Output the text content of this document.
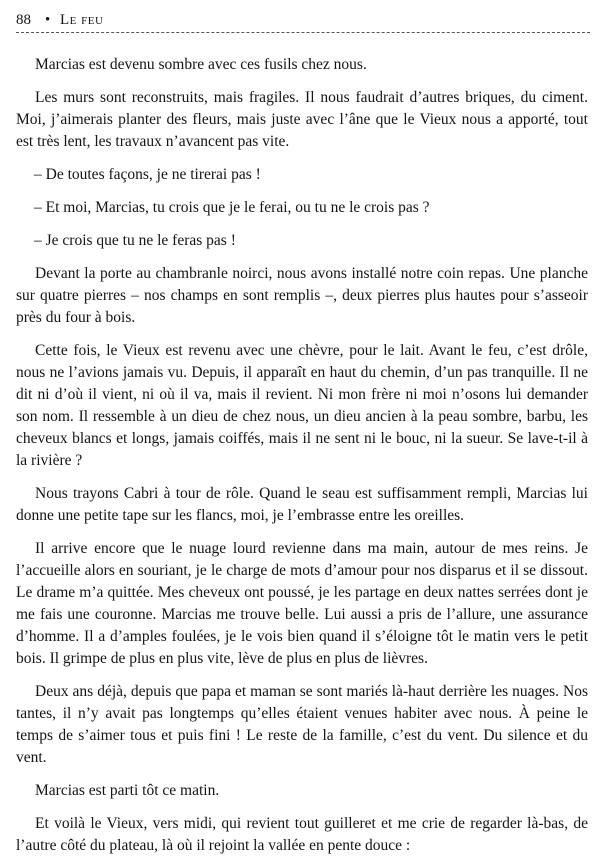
88 • Le feu

Marcias est devenu sombre avec ces fusils chez nous.

Les murs sont reconstruits, mais fragiles. Il nous faudrait d’autres briques, du ciment. Moi, j’aimerais planter des fleurs, mais juste avec l’âne que le Vieux nous a apporté, tout est très lent, les travaux n’avancent pas vite.

– De toutes façons, je ne tirerai pas !

– Et moi, Marcias, tu crois que je le ferai, ou tu ne le crois pas ?

– Je crois que tu ne le feras pas !

Devant la porte au chambranle noirci, nous avons installé notre coin repas. Une planche sur quatre pierres – nos champs en sont remplis –, deux pierres plus hautes pour s’asseoir près du four à bois.

Cette fois, le Vieux est revenu avec une chèvre, pour le lait. Avant le feu, c’est drôle, nous ne l’avions jamais vu. Depuis, il apparaît en haut du chemin, d’un pas tranquille. Il ne dit ni d’où il vient, ni où il va, mais il revient. Ni mon frère ni moi n’osons lui demander son nom. Il ressemble à un dieu de chez nous, un dieu ancien à la peau sombre, barbu, les cheveux blancs et longs, jamais coiffés, mais il ne sent ni le bouc, ni la sueur. Se lave-t-il à la rivière ?

Nous trayons Cabri à tour de rôle. Quand le seau est suffisamment rempli, Marcias lui donne une petite tape sur les flancs, moi, je l’embrasse entre les oreilles.

Il arrive encore que le nuage lourd revienne dans ma main, autour de mes reins. Je l’accueille alors en souriant, je le charge de mots d’amour pour nos disparus et il se dissout. Le drame m’a quittée. Mes cheveux ont poussé, je les partage en deux nattes serrées dont je me fais une couronne. Marcias me trouve belle. Lui aussi a pris de l’allure, une assurance d’homme. Il a d’amples foulées, je le vois bien quand il s’éloigne tôt le matin vers le petit bois. Il grimpe de plus en plus vite, lève de plus en plus de lièvres.

Deux ans déjà, depuis que papa et maman se sont mariés là-haut derrière les nuages. Nos tantes, il n’y avait pas longtemps qu’elles étaient venues habiter avec nous. À peine le temps de s’aimer tous et puis fini ! Le reste de la famille, c’est du vent. Du silence et du vent.

Marcias est parti tôt ce matin.

Et voilà le Vieux, vers midi, qui revient tout guilleret et me crie de regarder là-bas, de l’autre côté du plateau, là où il rejoint la vallée en pente douce :
